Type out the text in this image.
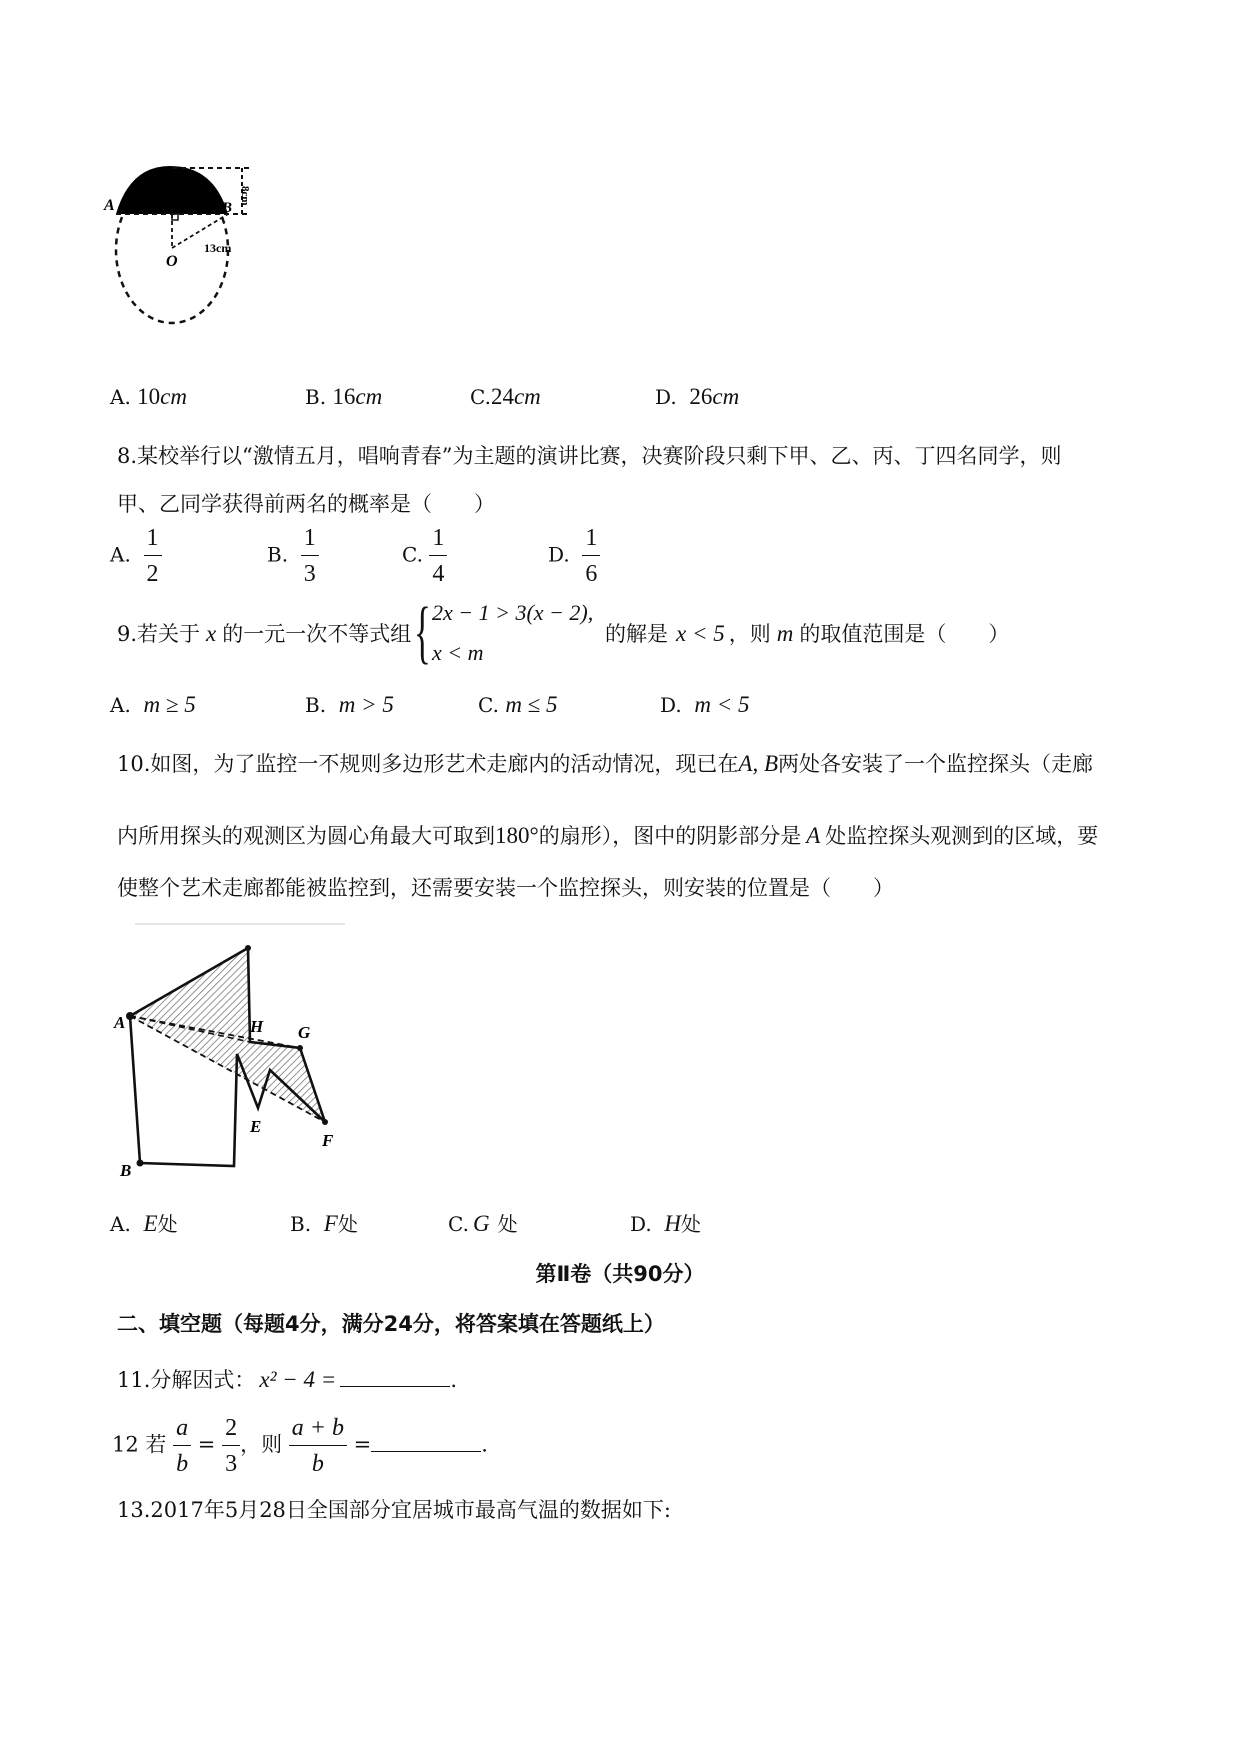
A	B
O
8cm
13cm
A. 10cm	B. 16cm	C.24cm	D. 26cm
8.某校举行以“激情五月，唱响青春”为主题的演讲比赛，决赛阶段只剩下甲、乙、丙、丁四名同学，则
甲、乙同学获得前两名的概率是（　　）
A. $\frac{1}{2}$	B. $\frac{1}{3}$	C. $\frac{1}{4}$	D. $\frac{1}{6}$
9.若关于 x 的一元一次不等式组 { 2x − 1 > 3(x − 2),
x < m
的解是 x < 5 ，则 m 的取值范围是（　　）
A. m ≥ 5	B. m > 5	C. m ≤ 5	D. m < 5
10.如图，为了监控一不规则多边形艺术走廊内的活动情况，现已在A, B两处各安装了一个监控探头（走廊
内所用探头的观测区为圆心角最大可取到180°的扇形），图中的阴影部分是 A 处监控探头观测到的区域，要
使整个艺术走廊都能被监控到，还需要安装一个监控探头，则安装的位置是（　　）
A
B
E
F
G
H
A. E处	B. F处	C. G 处	D. H处
第Ⅱ卷（共90分）
二、填空题（每题4分，满分24分，将答案填在答题纸上）
11.分解因式： x² − 4 =	.
12 若 $\frac{a}{b} = \frac{2}{3}$ ，则 $\frac{a + b}{b}$ =	.
13.2017年5月28日全国部分宜居城市最高气温的数据如下:
